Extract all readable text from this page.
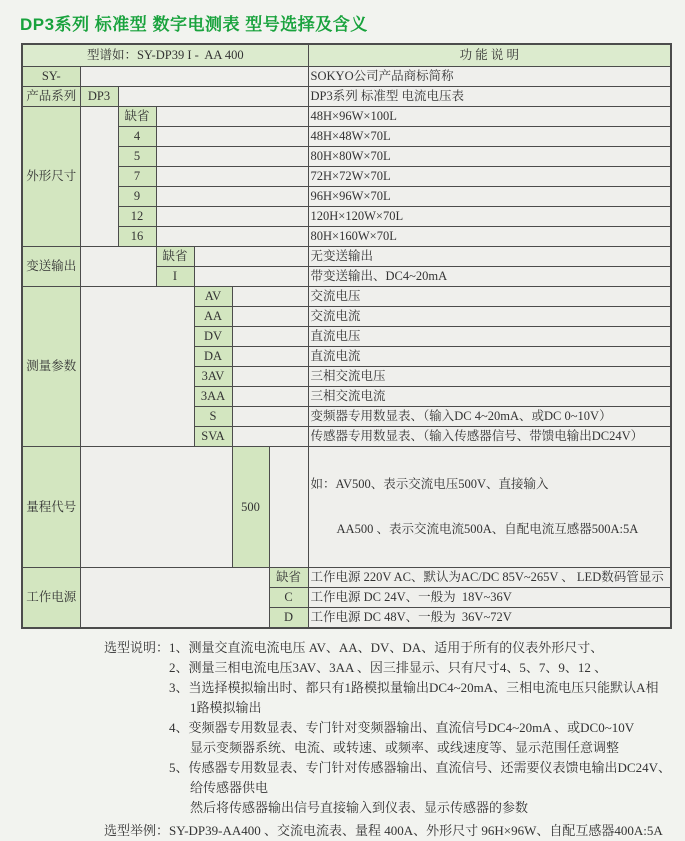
DP3系列 标准型 数字电测表 型号选择及含义
型谱如：SY-DP39 I -  AA 400							功 能 说 明
SY-							SOKYO公司产品商标简称
产品系列	DP3						DP3系列 标准型 电流电压表
外形尺寸		缺省					48H×96W×100L
		4					48H×48W×70L
		5					80H×80W×70L
		7					72H×72W×70L
		9					96H×96W×70L
		12					120H×120W×70L
		16					80H×160W×70L
变送输出			缺省				无变送输出
			I				带变送输出、DC4~20mA
测量参数				AV			交流电压
				AA			交流电流
				DV			直流电压
				DA			直流电流
				3AV			三相交流电压
				3AA			三相交流电流
				S			变频器专用数显表、（输入DC 4~20mA、或DC 0~10V）
				SVA			传感器专用数显表、（输入传感器信号、带馈电输出DC24V）
量程代号					500		如：AV500、表示交流电压500V、直接输入

AA500 、表示交流电流500A、自配电流互感器500A:5A

工作电源						缺省	工作电源 220V AC、默认为AC/DC 85V~265V 、 LED数码管显示
						C	工作电源 DC 24V、一般为  18V~36V
						D	工作电源 DC 48V、一般为  36V~72V
选型说明： 1、测量交直流电流电压 AV、AA、DV、DA、适用于所有的仪表外形尺寸、
2、测量三相电流电压3AV、3AA 、因三排显示、只有尺寸4、5、7、9、12 、
3、当选择模拟输出时、都只有1路模拟量输出DC4~20mA、三相电流电压只能默认A相
1路模拟输出
4、变频器专用数显表、专门针对变频器输出、直流信号DC4~20mA 、或DC0~10V
显示变频器系统、电流、或转速、或频率、或线速度等、显示范围任意调整
5、传感器专用数显表、专门针对传感器输出、直流信号、还需要仪表馈电输出DC24V、
给传感器供电
然后将传感器输出信号直接输入到仪表、显示传感器的参数
选型举例： SY-DP39-AA400 、交流电流表、量程 400A、外形尺寸 96H×96W、自配互感器400A:5A
